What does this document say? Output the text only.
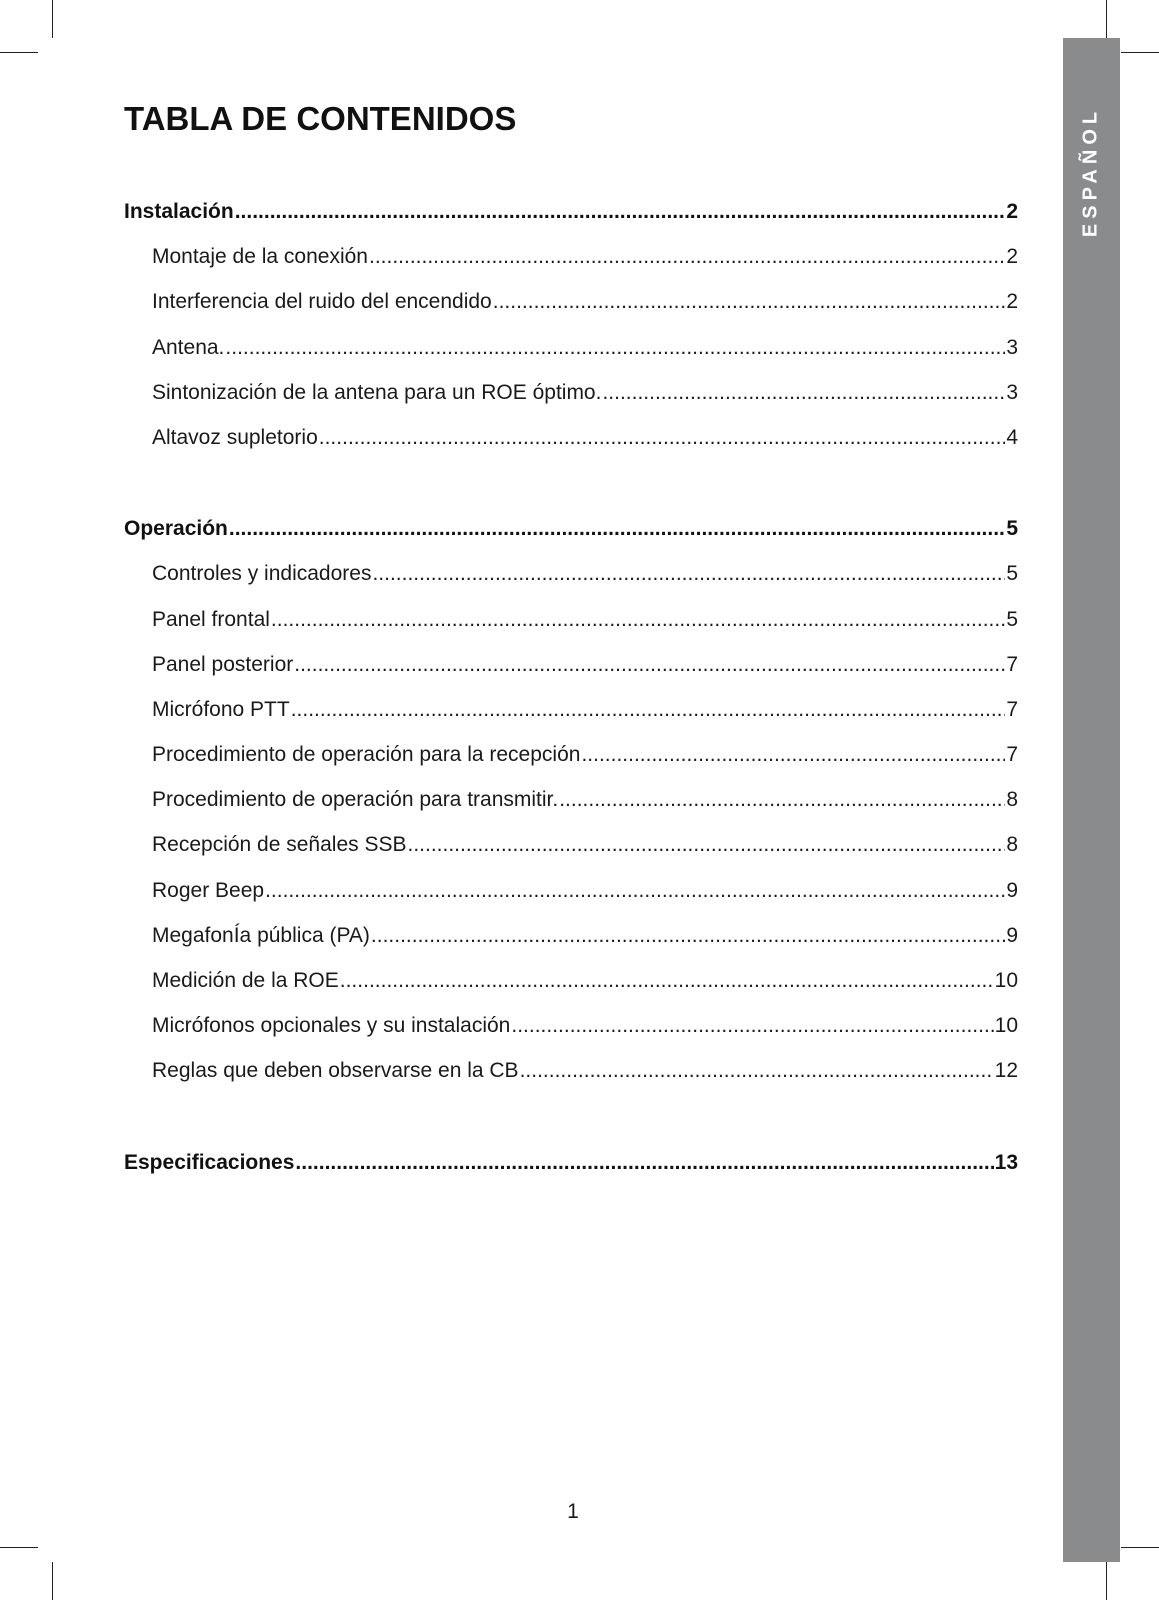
ESPAÑOL
TABLA DE CONTENIDOS
Instalación .....	2
Montaje de la conexión .....	2
Interferencia del ruido del encendido .....	2
Antena. .....	3
Sintonización de la antena para un ROE óptimo. .....	3
Altavoz supletorio .....	4
Operación .....	5
Controles y indicadores .....	5
Panel frontal .....	5
Panel posterior .....	7
Micrófono PTT .....	7
Procedimiento de operación para la recepción .....	7
Procedimiento de operación para transmitir. .....	8
Recepción de señales SSB .....	8
Roger Beep .....	9
MegafonÍa pública (PA) .....	9
Medición de la ROE .....	10
Micrófonos opcionales y su instalación .....	10
Reglas que deben observarse en la CB .....	12
Especificaciones .....	13
1
